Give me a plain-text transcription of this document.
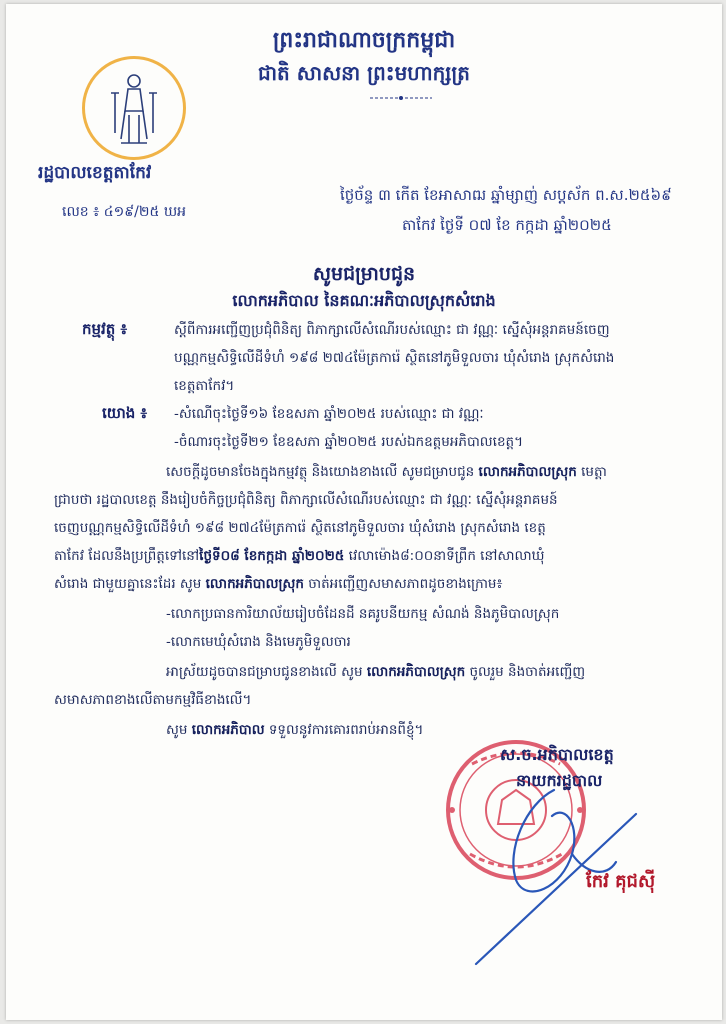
ព្រះរាជាណាចក្រកម្ពុជា
ជាតិ សាសនា ព្រះមហាក្សត្រ
រដ្ឋបាលខេត្តតាកែវ
លេខ ៖ ៤១៩/២៥ ឃអ
ថ្ងៃច័ន្ទ ៣ កើត ខែអាសាឍ ឆ្នាំម្សាញ់ សប្តស័ក ព.ស.២៥៦៩
តាកែវ ថ្ងៃទី ០៧ ខែ កក្កដា ឆ្នាំ២០២៥
សូមជម្រាបជូន
លោកអភិបាល នៃគណៈអភិបាលស្រុកសំរោង
កម្មវត្ថុ ៖	ស្តីពីការអញ្ជើញប្រជុំពិនិត្យ ពិភាក្សាលើសំណើរបស់ឈ្មោះ ជា វណ្ណៈ ស្នើសុំអន្តរាគមន៍ចេញ
បណ្ណកម្មសិទ្ធិលើដីទំហំ ១៩៨ ២៧៤ម៉ែត្រការ៉េ ស្ថិតនៅភូមិទួលចារ ឃុំសំរោង ស្រុកសំរោង
ខេត្តតាកែវ។
យោង ៖ -សំណើចុះថ្ងៃទី១៦ ខែឧសភា ឆ្នាំ២០២៥ របស់ឈ្មោះ ជា វណ្ណៈ
-ចំណារចុះថ្ងៃទី២១ ខែឧសភា ឆ្នាំ២០២៥ របស់ឯកឧត្តមអភិបាលខេត្ត។
សេចក្តីដូចមានចែងក្នុងកម្មវត្ថុ និងយោងខាងលើ សូមជម្រាបជូន លោកអភិបាលស្រុក មេត្តា
ជ្រាបថា រដ្ឋបាលខេត្ត នឹងរៀបចំកិច្ចប្រជុំពិនិត្យ ពិភាក្សាលើសំណើរបស់ឈ្មោះ ជា វណ្ណៈ ស្នើសុំអន្តរាគមន៍
ចេញបណ្ណកម្មសិទ្ធិលើដីទំហំ ១៩៨ ២៧៤ម៉ែត្រការ៉េ ស្ថិតនៅភូមិទួលចារ ឃុំសំរោង ស្រុកសំរោង ខេត្ត
តាកែវ ដែលនឹងប្រព្រឹត្តទៅនៅថ្ងៃទី០៨ ខែកក្កដា ឆ្នាំ២០២៥ វេលាម៉ោង៨:០០នាទីព្រឹក នៅសាលាឃុំ
សំរោង ជាមួយគ្នានេះដែរ សូម លោកអភិបាលស្រុក ចាត់អញ្ជើញសមាសភាពដូចខាងក្រោម៖
-លោកប្រធានការិយាល័យរៀបចំដែនដី នគរូបនីយកម្ម សំណង់ និងភូមិបាលស្រុក
-លោកមេឃុំសំរោង និងមេភូមិទួលចារ
អាស្រ័យដូចបានជម្រាបជូនខាងលើ សូម លោកអភិបាលស្រុក ចូលរួម និងចាត់អញ្ជើញ
សមាសភាពខាងលើតាមកម្មវិធីខាងលើ។
សូម លោកអភិបាល ទទួលនូវការគោរពរាប់អានពីខ្ញុំ។
ស.ច.អភិបាលខេត្ត
នាយករដ្ឋបាល
កែវ គុជស៊ី
